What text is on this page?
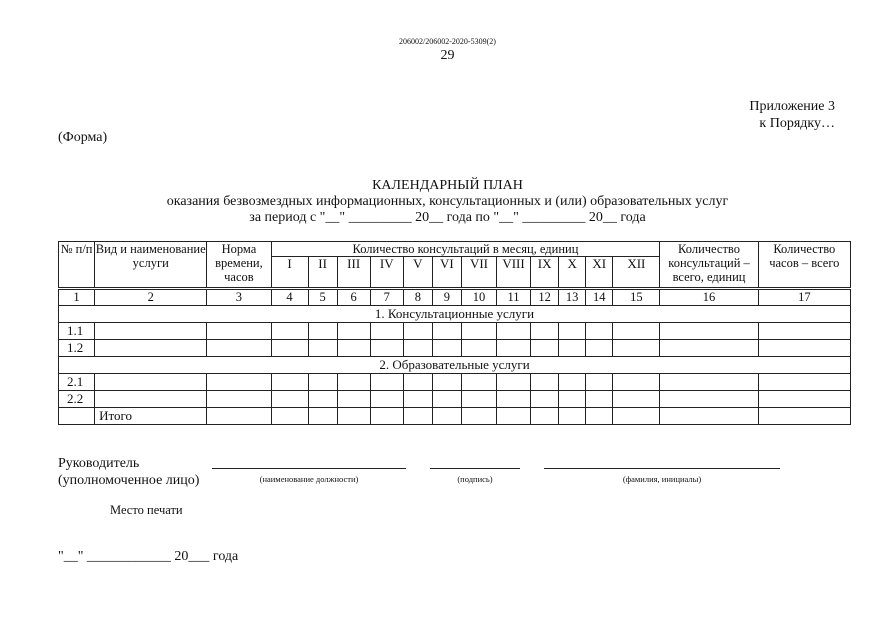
206002/206002-2020-5309(2)
29
Приложение 3
к Порядку…
(Форма)
КАЛЕНДАРНЫЙ ПЛАН
оказания безвозмездных информационных, консультационных и (или) образовательных услуг
за период с "__" _________ 20__ года по "__" _________ 20__ года
№ п/п	Вид и наименование услуги	Норма времени, часов	Количество консультаций в месяц, единиц												Количество консультаций – всего, единиц	Количество часов – всего
			I	II	III	IV	V	VI	VII	VIII	IX	X	XI	XII		
1	2	3	4	5	6	7	8	9	10	11	12	13	14	15	16	17
1. Консультационные услуги																
1.1																
1.2																
2. Образовательные услуги																
2.1																
2.2																
	Итого															
Руководитель
(уполномоченное лицо)	(наименование должности)	(подпись)	(фамилия, инициалы)
Место печати
"__" ____________ 20___ года
